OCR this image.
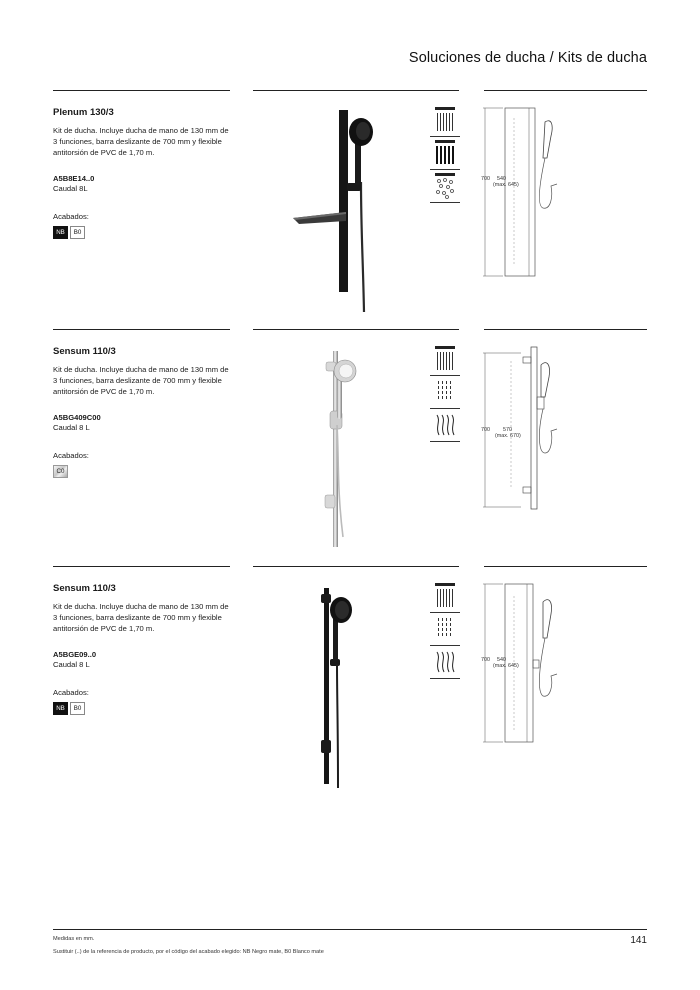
Soluciones de ducha / Kits de ducha
Plenum 130/3
Kit de ducha. Incluye ducha de mano de 130 mm de 3 funciones, barra deslizante de 700 mm y flexible antitorsión de PVC de 1,70 m.
A5B8E14..0
Caudal 8L
Acabados:
NB	B0
700 540
(max. 645)
Sensum 110/3
Kit de ducha. Incluye ducha de mano de 130 mm de 3 funciones, barra deslizante de 700 mm y flexible antitorsión de PVC de 1,70 m.
A5BG409C00
Caudal 8 L
Acabados:
C0
700 570
(max. 670)
Sensum 110/3
Kit de ducha. Incluye ducha de mano de 130 mm de 3 funciones, barra deslizante de 700 mm y flexible antitorsión de PVC de 1,70 m.
A5BGE09..0
Caudal 8 L
Acabados:
NB	B0
700 540
(max. 645)
Medidas en mm.
Sustituir (..) de la referencia de producto, por el código del acabado elegido: NB Negro mate, B0 Blanco mate
141
